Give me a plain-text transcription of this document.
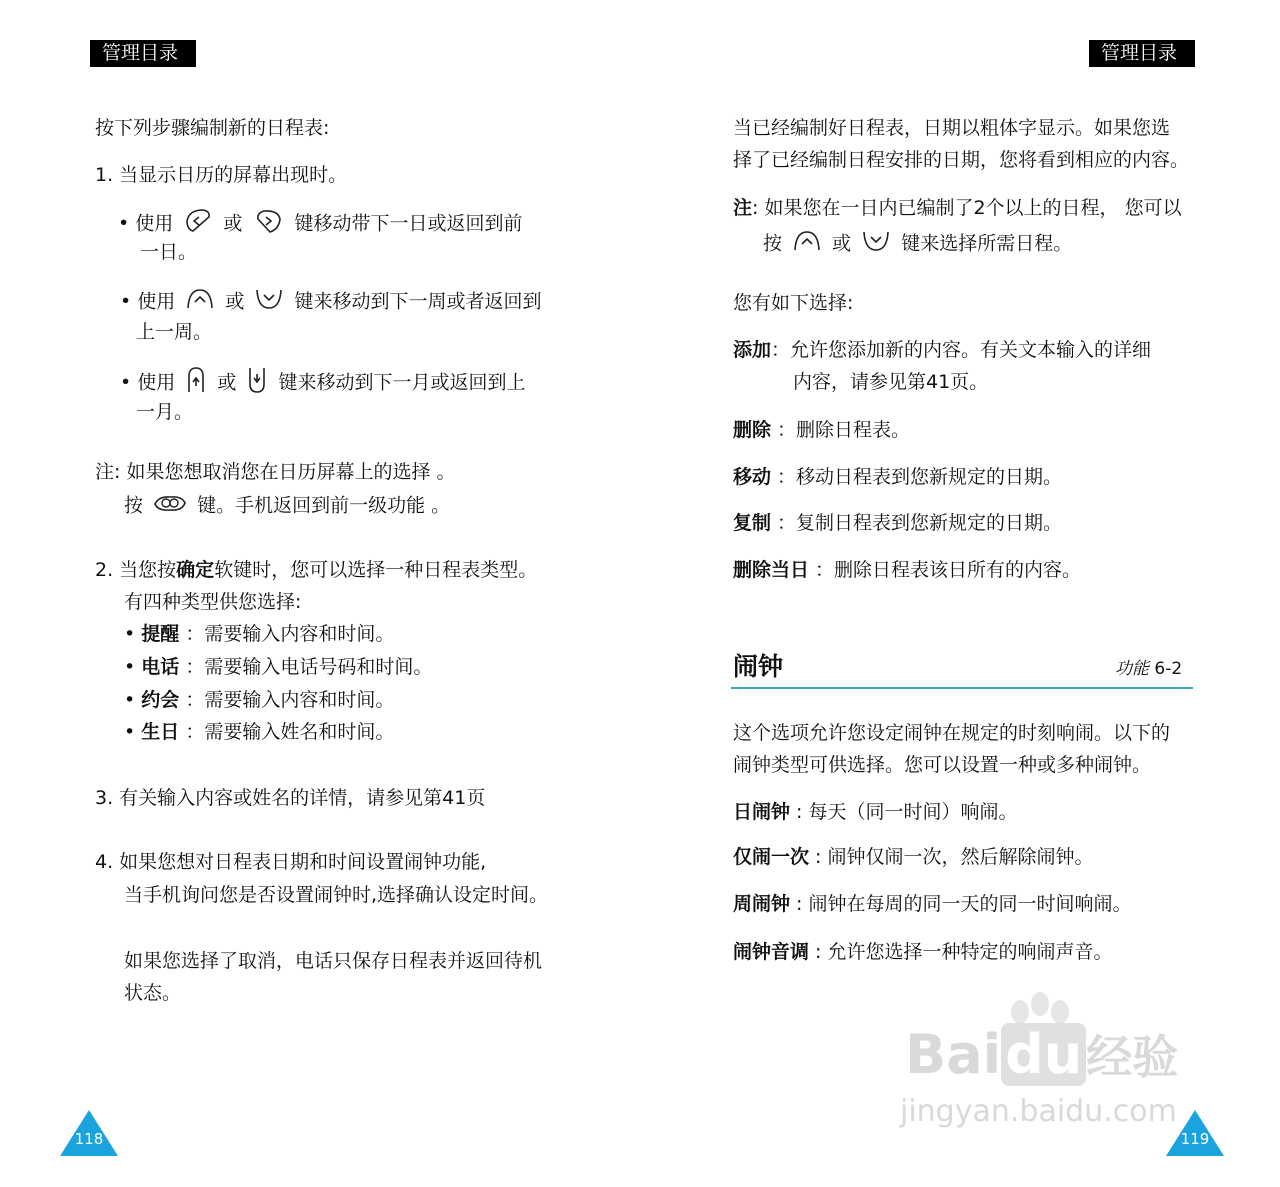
管理目录
按下列步骤编制新的日程表:
1. 当显示日历的屏幕出现时。
• 使用	或	键移动带下一日或返回到前
一日。
• 使用	或	键来移动到下一周或者返回到
上一周。
• 使用 或 键来移动到下一月或返回到上
一月。
注: 如果您想取消您在日历屏幕上的选择 。
按	键。手机返回到前一级功能 。
2. 当您按确定软键时，您可以选择一种日程表类型。
有四种类型供您选择:
• 提醒 ：需要输入内容和时间。
• 电话 ：需要输入电话号码和时间。
• 约会 ：需要输入内容和时间。
• 生日 ：需要输入姓名和时间。
3. 有关输入内容或姓名的详情，请参见第41页
4. 如果您想对日程表日期和时间设置闹钟功能,
当手机询问您是否设置闹钟时,选择确认设定时间。
如果您选择了取消，电话只保存日程表并返回待机
状态。
118
管理目录
当已经编制好日程表，日期以粗体字显示。如果您选
择了已经编制日程安排的日期，您将看到相应的内容。
注: 如果您在一日内已编制了2个以上的日程， 您可以
按	或	键来选择所需日程。
您有如下选择:
添加：允许您添加新的内容。有关文本输入的详细
内容，请参见第41页。
删除 ：删除日程表。
移动 ：移动日程表到您新规定的日期。
复制 ：复制日程表到您新规定的日期。
删除当日 ：删除日程表该日所有的内容。
闹钟	功能 6-2
这个选项允许您设定闹钟在规定的时刻响闹。以下的
闹钟类型可供选择。您可以设置一种或多种闹钟。
日闹钟 : 每天（同一时间）响闹。
仅闹一次 : 闹钟仅闹一次，然后解除闹钟。
周闹钟 : 闹钟在每周的同一天的同一时间响闹。
闹钟音调 : 允许您选择一种特定的响闹声音。
Baidu经验
jingyan.baidu.com
119
